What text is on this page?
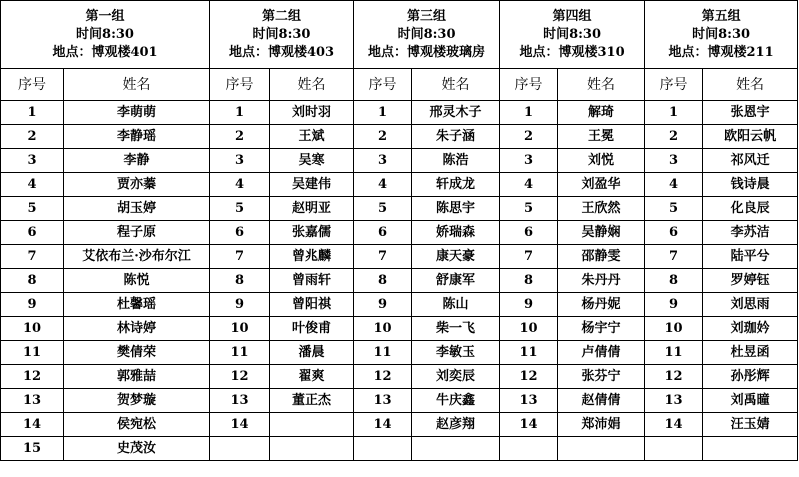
第一组
时间8:30
地点：博观楼401		第二组
时间8:30
地点：博观楼403		第三组
时间8:30
地点：博观楼玻璃房		第四组
时间8:30
地点：博观楼310		第五组
时间8:30
地点：博观楼211	

序号	姓名	序号	姓名	序号	姓名	序号	姓名	序号	姓名
1	李萌萌	1	刘时羽	1	邢灵木子	1	解琦	1	张恩宇
2	李静瑶	2	王斌	2	朱子涵	2	王冕	2	欧阳云帆
3	李静	3	吴寒	3	陈浩	3	刘悦	3	祁风迁
4	贾亦蓁	4	吴建伟	4	轩成龙	4	刘盈华	4	钱诗晨
5	胡玉婷	5	赵明亚	5	陈思宇	5	王欣然	5	化良辰
6	程子原	6	张嘉儒	6	娇瑞森	6	吴静娴	6	李苏洁
7	艾依布兰·沙布尔江	7	曾兆麟	7	康天豪	7	邵静雯	7	陆平兮
8	陈悦	8	曾雨轩	8	舒康军	8	朱丹丹	8	罗婷钰
9	杜馨瑶	9	曾阳祺	9	陈山	9	杨丹妮	9	刘思雨
10	林诗婷	10	叶俊甫	10	柴一飞	10	杨宇宁	10	刘珈妗
11	樊倩荣	11	潘晨	11	李敏玉	11	卢倩倩	11	杜昱函
12	郭雅喆	12	翟爽	12	刘奕辰	12	张芬宁	12	孙彤辉
13	贺梦璇	13	董正杰	13	牛庆鑫	13	赵倩倩	13	刘禹曈
14	侯宛松	14		14	赵彦翔	14	郑沛娟	14	汪玉婧
15	史茂汝								
